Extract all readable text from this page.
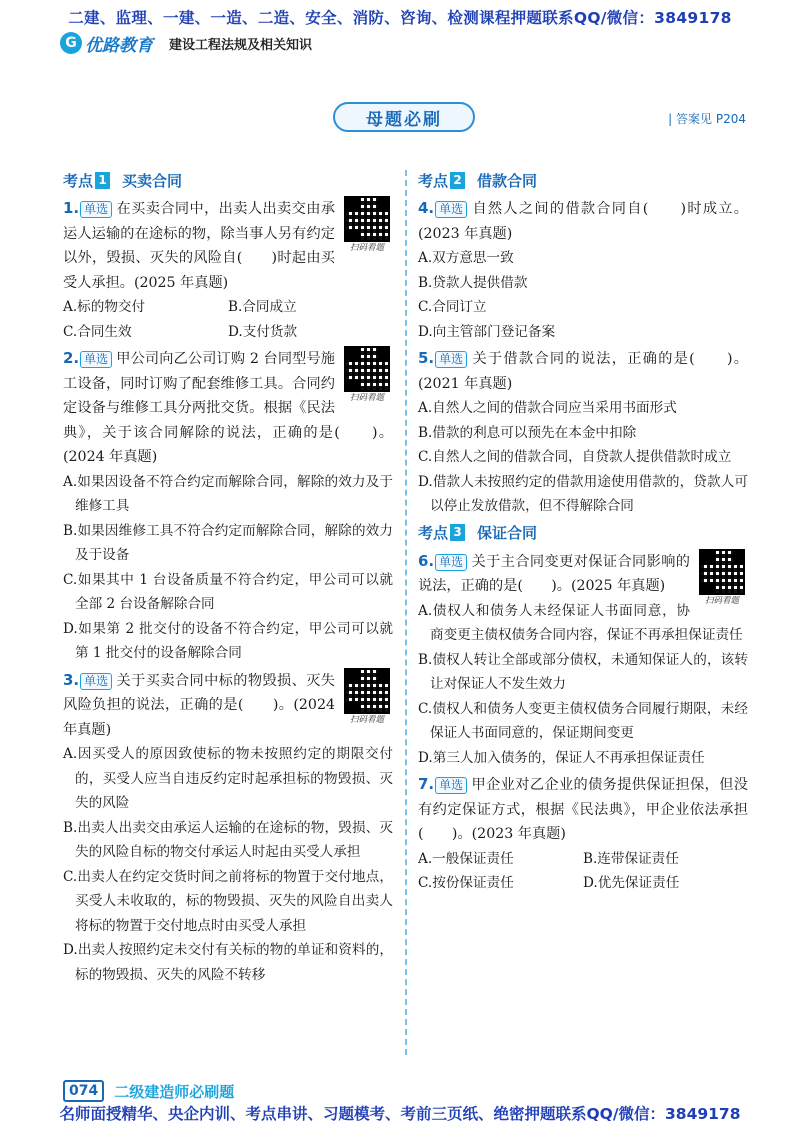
二建、监理、一建、一造、二造、安全、消防、咨询、检测课程押题联系QQ/微信：3849178
G 优路教育 建设工程法规及相关知识
母题必刷	| 答案见 P204
考点 1 买卖合同
扫码看题
1. 单选 在买卖合同中，出卖人出卖交由承运人运输的在途标的物，除当事人另有约定以外，毁损、灭失的风险自(　　)时起由买受人承担。(2025 年真题)
A.标的物交付	B.合同成立
C.合同生效	D.支付货款
扫码看题
2. 单选 甲公司向乙公司订购 2 台同型号施工设备，同时订购了配套维修工具。合同约定设备与维修工具分两批交货。根据《民法典》，关于该合同解除的说法，正确的是(　　)。(2024 年真题)
A.如果因设备不符合约定而解除合同，解除的效力及于维修工具
B.如果因维修工具不符合约定而解除合同，解除的效力及于设备
C.如果其中 1 台设备质量不符合约定，甲公司可以就全部 2 台设备解除合同
D.如果第 2 批交付的设备不符合约定，甲公司可以就第 1 批交付的设备解除合同
扫码看题
3. 单选 关于买卖合同中标的物毁损、灭失风险负担的说法，正确的是(　　)。(2024 年真题)
A.因买受人的原因致使标的物未按照约定的期限交付的，买受人应当自违反约定时起承担标的物毁损、灭失的风险
B.出卖人出卖交由承运人运输的在途标的物，毁损、灭失的风险自标的物交付承运人时起由买受人承担
C.出卖人在约定交货时间之前将标的物置于交付地点，买受人未收取的，标的物毁损、灭失的风险自出卖人将标的物置于交付地点时由买受人承担
D.出卖人按照约定未交付有关标的物的单证和资料的，标的物毁损、灭失的风险不转移
考点 2 借款合同
4. 单选 自然人之间的借款合同自(　　)时成立。(2023 年真题)
A.双方意思一致
B.贷款人提供借款
C.合同订立
D.向主管部门登记备案
5. 单选 关于借款合同的说法，正确的是(　　)。(2021 年真题)
A.自然人之间的借款合同应当采用书面形式
B.借款的利息可以预先在本金中扣除
C.自然人之间的借款合同，自贷款人提供借款时成立
D.借款人未按照约定的借款用途使用借款的，贷款人可以停止发放借款，但不得解除合同
考点 3 保证合同
扫码看题
6. 单选 关于主合同变更对保证合同影响的说法，正确的是(　　)。(2025 年真题)
A.债权人和债务人未经保证人书面同意，协商变更主债权债务合同内容，保证不再承担保证责任
B.债权人转让全部或部分债权，未通知保证人的，该转让对保证人不发生效力
C.债权人和债务人变更主债权债务合同履行期限，未经保证人书面同意的，保证期间变更
D.第三人加入债务的，保证人不再承担保证责任
7. 单选 甲企业对乙企业的债务提供保证担保，但没有约定保证方式，根据《民法典》，甲企业依法承担(　　)。(2023 年真题)
A.一般保证责任	B.连带保证责任
C.按份保证责任	D.优先保证责任
074	二级建造师必刷题
名师面授精华、央企内训、考点串讲、习题模考、考前三页纸、绝密押题联系QQ/微信：3849178
